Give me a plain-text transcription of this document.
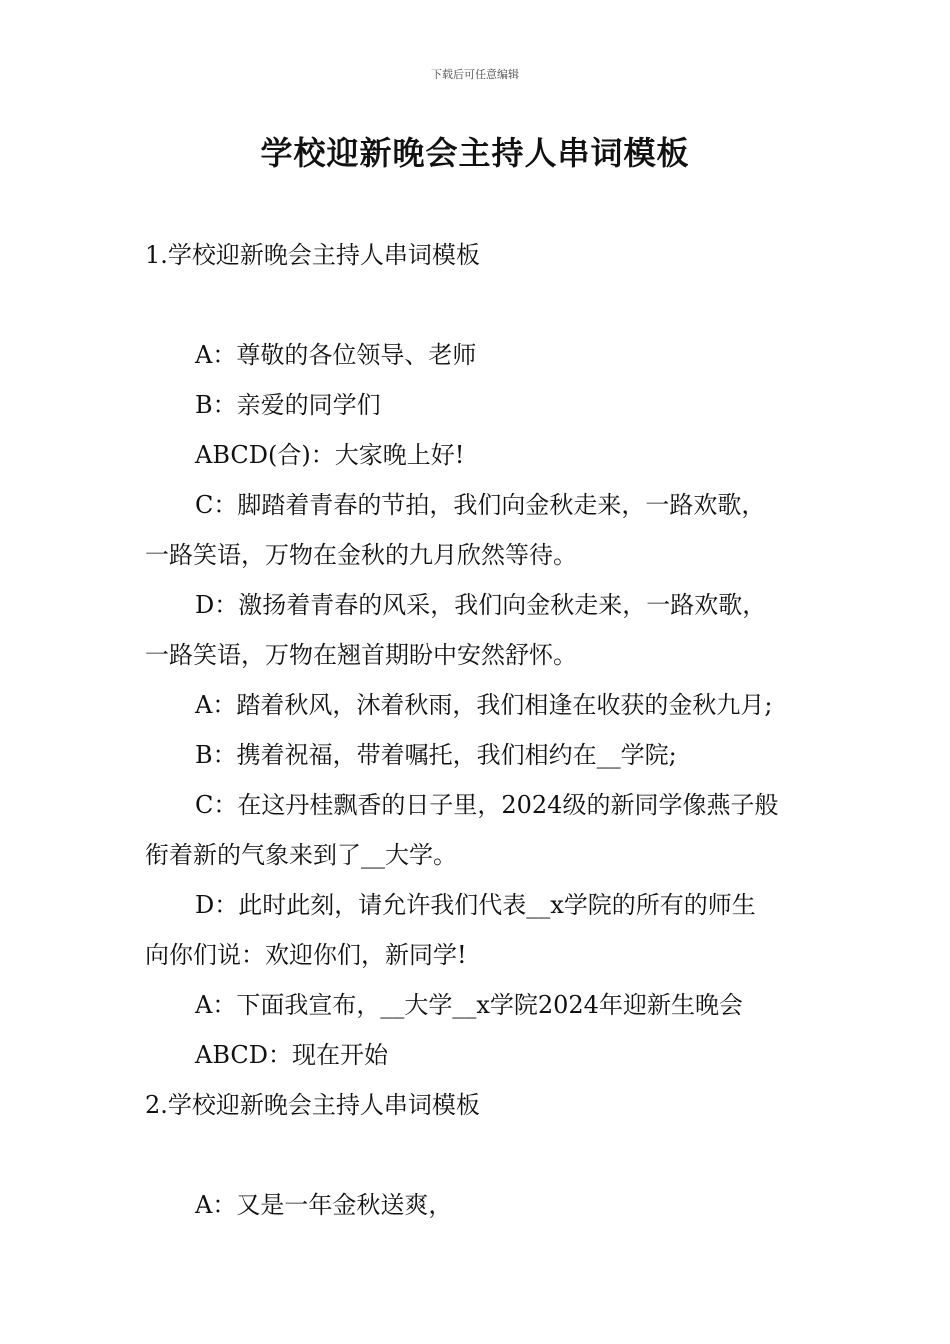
下载后可任意编辑
学校迎新晚会主持人串词模板
1.学校迎新晚会主持人串词模板
A：尊敬的各位领导、老师
B：亲爱的同学们
ABCD(合)：大家晚上好!
C：脚踏着青春的节拍，我们向金秋走来，一路欢歌，
一路笑语，万物在金秋的九月欣然等待。
D：激扬着青春的风采，我们向金秋走来，一路欢歌，
一路笑语，万物在翘首期盼中安然舒怀。
A：踏着秋风，沐着秋雨，我们相逢在收获的金秋九月;
B：携着祝福，带着嘱托，我们相约在__学院;
C：在这丹桂飘香的日子里，2024级的新同学像燕子般
衔着新的气象来到了__大学。
D：此时此刻，请允许我们代表__x学院的所有的师生
向你们说：欢迎你们，新同学!
A：下面我宣布，__大学__x学院2024年迎新生晚会
ABCD：现在开始
2.学校迎新晚会主持人串词模板
A：又是一年金秋送爽，
